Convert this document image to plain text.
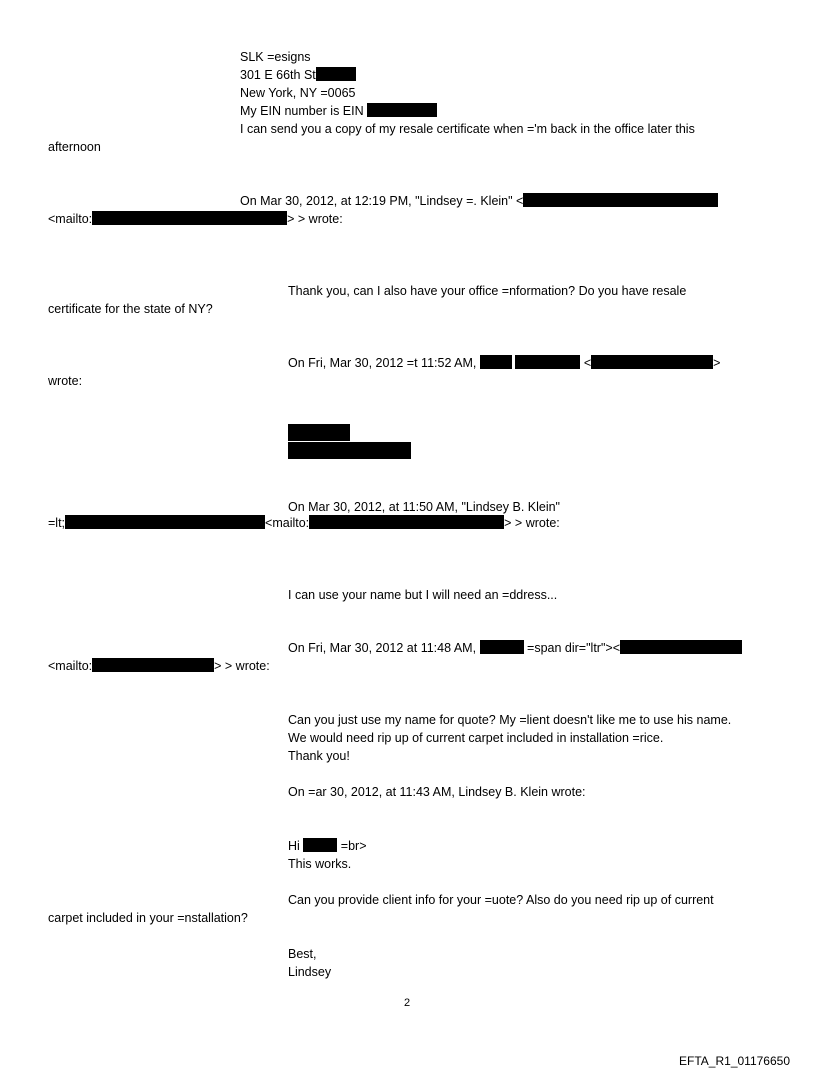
SLK =esigns
301 E 66th St
New York, NY =0065
My EIN number is EIN
I can send you a copy of my resale certificate when ='m back in the office later this
afternoon
On Mar 30, 2012, at 12:19 PM, "Lindsey =. Klein" <
<mailto:	> > wrote:
Thank you, can I also have your office =nformation? Do you have resale
certificate for the state of NY?
On Fri, Mar 30, 2012 =t 11:52 AM,	<	>
wrote:
On Mar 30, 2012, at 11:50 AM, "Lindsey B. Klein"
=lt;	<mailto:	> > wrote:
I can use your name but I will need an =ddress...
On Fri, Mar 30, 2012 at 11:48 AM,	=span dir="ltr"><
<mailto:	> > wrote:
Can you just use my name for quote? My =lient doesn't like me to use his name.
We would need rip up of current carpet included in installation =rice.
Thank you!
On =ar 30, 2012, at 11:43 AM, Lindsey B. Klein wrote:
Hi	=br>
This works.
Can you provide client info for your =uote? Also do you need rip up of current
carpet included in your =nstallation?
Best,
Lindsey
2
EFTA_R1_01176650
